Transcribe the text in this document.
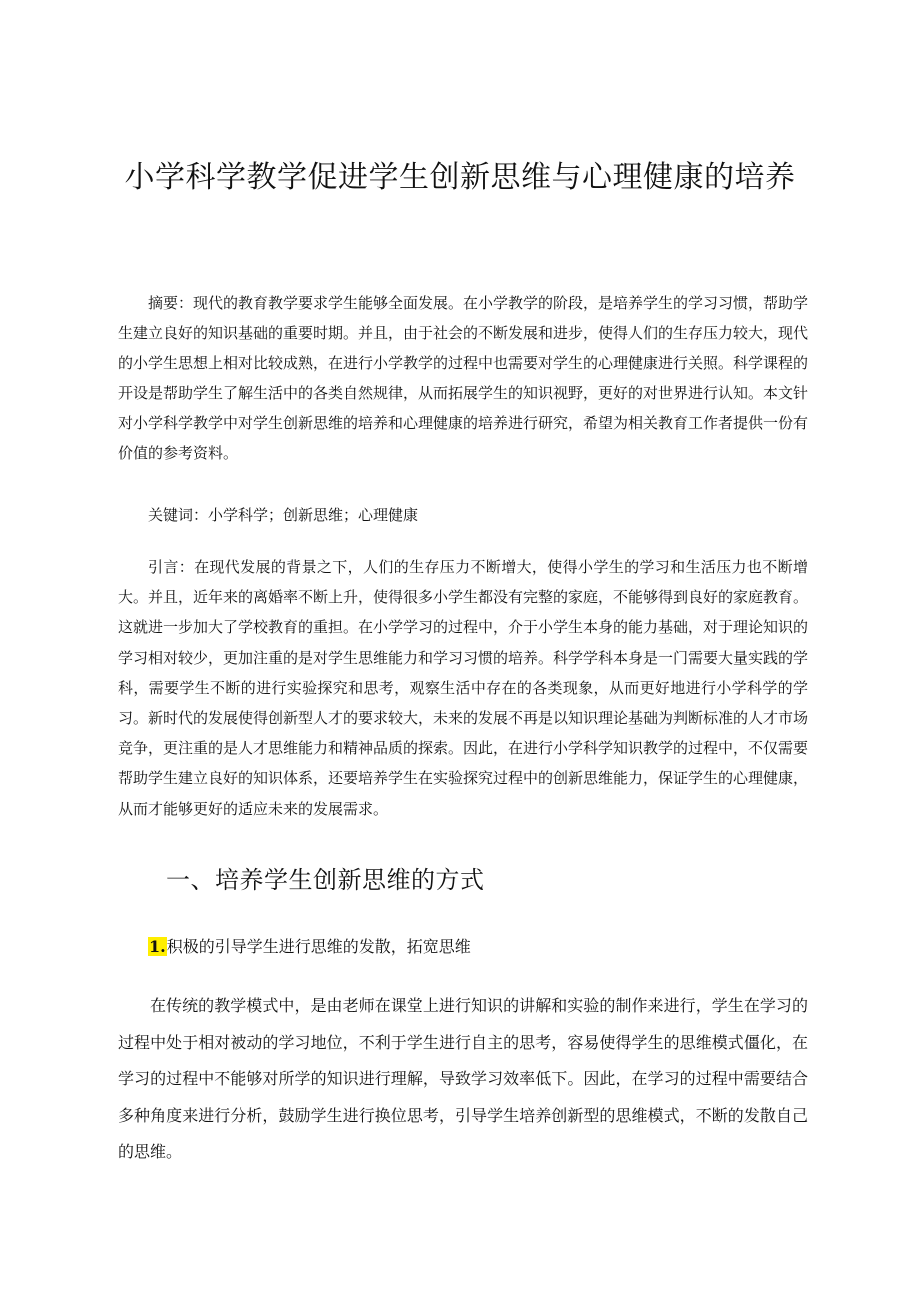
小学科学教学促进学生创新思维与心理健康的培养

摘要：现代的教育教学要求学生能够全面发展。在小学教学的阶段，是培养学生的学习习惯，帮助学生建立良好的知识基础的重要时期。并且，由于社会的不断发展和进步，使得人们的生存压力较大，现代的小学生思想上相对比较成熟，在进行小学教学的过程中也需要对学生的心理健康进行关照。科学课程的开设是帮助学生了解生活中的各类自然规律，从而拓展学生的知识视野，更好的对世界进行认知。本文针对小学科学教学中对学生创新思维的培养和心理健康的培养进行研究，希望为相关教育工作者提供一份有价值的参考资料。

关键词：小学科学；创新思维；心理健康

引言：在现代发展的背景之下，人们的生存压力不断增大，使得小学生的学习和生活压力也不断增大。并且，近年来的离婚率不断上升，使得很多小学生都没有完整的家庭，不能够得到良好的家庭教育。这就进一步加大了学校教育的重担。在小学学习的过程中，介于小学生本身的能力基础，对于理论知识的学习相对较少，更加注重的是对学生思维能力和学习习惯的培养。科学学科本身是一门需要大量实践的学科，需要学生不断的进行实验探究和思考，观察生活中存在的各类现象，从而更好地进行小学科学的学习。新时代的发展使得创新型人才的要求较大，未来的发展不再是以知识理论基础为判断标准的人才市场竞争，更注重的是人才思维能力和精神品质的探索。因此，在进行小学科学知识教学的过程中，不仅需要帮助学生建立良好的知识体系，还要培养学生在实验探究过程中的创新思维能力，保证学生的心理健康，从而才能够更好的适应未来的发展需求。

一、培养学生创新思维的方式
1.积极的引导学生进行思维的发散，拓宽思维

在传统的教学模式中，是由老师在课堂上进行知识的讲解和实验的制作来进行，学生在学习的过程中处于相对被动的学习地位，不利于学生进行自主的思考，容易使得学生的思维模式僵化，在学习的过程中不能够对所学的知识进行理解，导致学习效率低下。因此，在学习的过程中需要结合多种角度来进行分析，鼓励学生进行换位思考，引导学生培养创新型的思维模式，不断的发散自己的思维。
